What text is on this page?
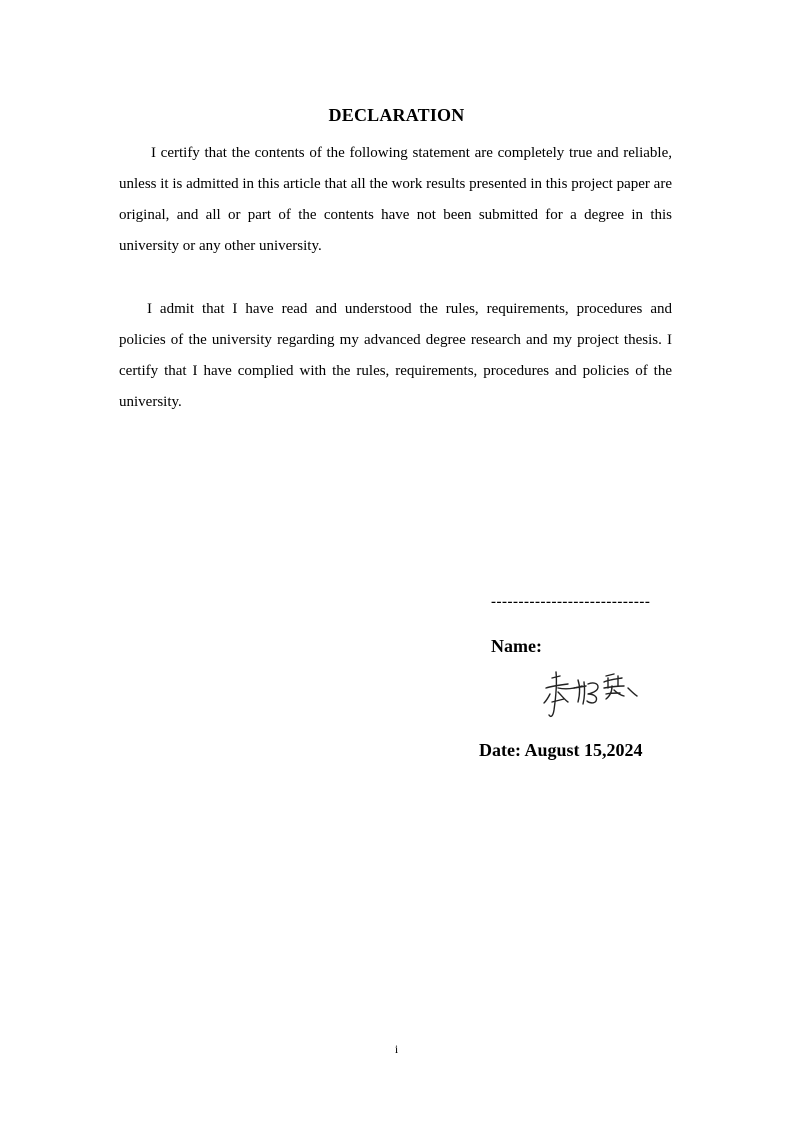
DECLARATION

I certify that the contents of the following statement are completely true and reliable, unless it is admitted in this article that all the work results presented in this project paper are original, and all or part of the contents have not been submitted for a degree in this university or any other university.

I admit that I have read and understood the rules, requirements, procedures and policies of the university regarding my advanced degree research and my project thesis. I certify that I have complied with the rules, requirements, procedures and policies of the university.

-----------------------------

Name:

Date: August 15,2024

i
